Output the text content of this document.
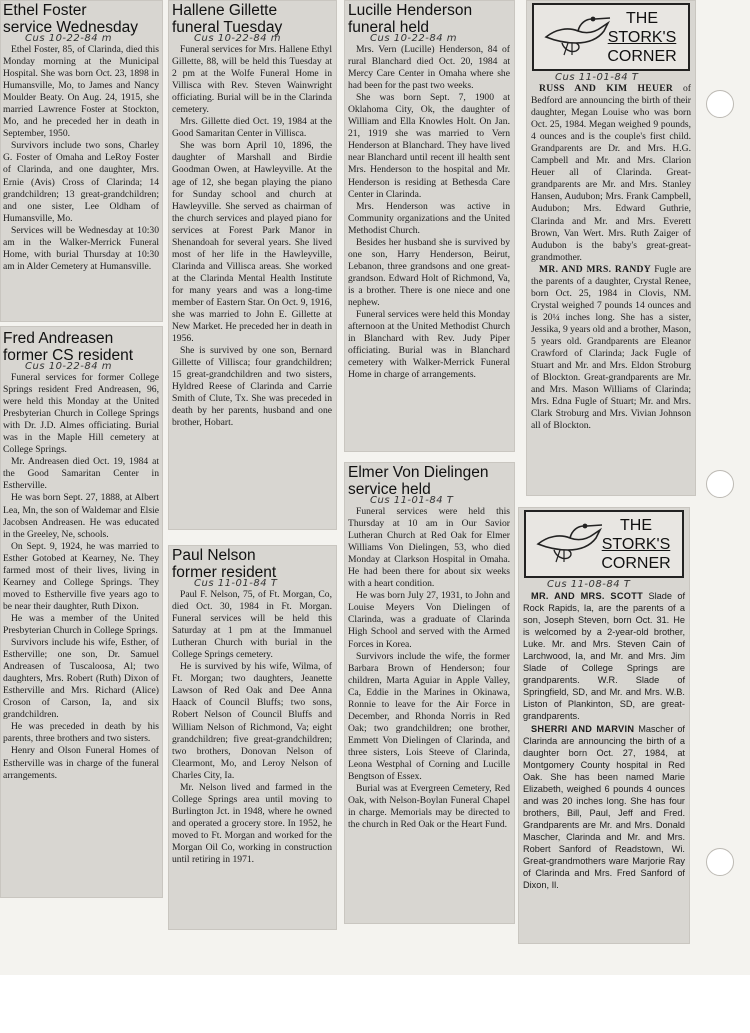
Ethel Foster
service Wednesday
Cus 10-22-84 m

Ethel Foster, 85, of Clarinda, died this Monday morning at the Municipal Hospital. She was born Oct. 23, 1898 in Humansville, Mo, to James and Nancy Moulder Beaty. On Aug. 24, 1915, she married Lawrence Foster at Stockton, Mo, and he preceded her in death in September, 1950.

Survivors include two sons, Charley G. Foster of Omaha and LeRoy Foster of Clarinda, and one daughter, Mrs. Ernie (Avis) Cross of Clarinda; 14 grandchildren; 13 great-grandchildren; and one sister, Lee Oldham of Humansville, Mo.

Services will be Wednesday at 10:30 am in the Walker-Merrick Funeral Home, with burial Thursday at 10:30 am in Alder Cemetery at Humansville.

Fred Andreasen
former CS resident
Cus 10-22-84 m

Funeral services for former College Springs resident Fred Andreasen, 96, were held this Monday at the United Presbyterian Church in College Springs with Dr. J.D. Almes officiating. Burial was in the Maple Hill cemetery at College Springs.

Mr. Andreasen died Oct. 19, 1984 at the Good Samaritan Center in Estherville.

He was born Sept. 27, 1888, at Albert Lea, Mn, the son of Waldemar and Elsie Jacobsen Andreasen. He was educated in the Greeley, Ne, schools.

On Sept. 9, 1924, he was married to Esther Gotobed at Kearney, Ne. They farmed most of their lives, living in Kearney and College Springs. They moved to Estherville five years ago to be near their daughter, Ruth Dixon.

He was a member of the United Presbyterian Church in College Springs.

Survivors include his wife, Esther, of Estherville; one son, Dr. Samuel Andreasen of Tuscaloosa, Al; two daughters, Mrs. Robert (Ruth) Dixon of Estherville and Mrs. Richard (Alice) Croson of Carson, Ia, and six grandchildren.

He was preceded in death by his parents, three brothers and two sisters.

Henry and Olson Funeral Homes of Estherville was in charge of the funeral arrangements.

Hallene Gillette
funeral Tuesday
Cus 10-22-84 m

Funeral services for Mrs. Hallene Ethyl Gillette, 88, will be held this Tuesday at 2 pm at the Wolfe Funeral Home in Villisca with Rev. Steven Wainwright officiating. Burial will be in the Clarinda cemetery.

Mrs. Gillette died Oct. 19, 1984 at the Good Samaritan Center in Villisca.

She was born April 10, 1896, the daughter of Marshall and Birdie Goodman Owen, at Hawleyville. At the age of 12, she began playing the piano for Sunday school and church at Hawleyville. She served as chairman of the church services and played piano for services at Forest Park Manor in Shenandoah for several years. She lived most of her life in the Hawleyville, Clarinda and Villisca areas. She worked at the Clarinda Mental Health Institute for many years and was a long-time member of Eastern Star. On Oct. 9, 1916, she was married to John E. Gillette at New Market. He preceded her in death in 1956.

She is survived by one son, Bernard Gillette of Villisca; four grandchildren; 15 great-grandchildren and two sisters, Hyldred Reese of Clarinda and Carrie Smith of Clute, Tx. She was preceded in death by her parents, husband and one brother, Hobart.

Paul Nelson
former resident
Cus 11-01-84 T

Paul F. Nelson, 75, of Ft. Morgan, Co, died Oct. 30, 1984 in Ft. Morgan. Funeral services will be held this Saturday at 1 pm at the Immanuel Lutheran Church with burial in the College Springs cemetery.

He is survived by his wife, Wilma, of Ft. Morgan; two daughters, Jeanette Lawson of Red Oak and Dee Anna Haack of Council Bluffs; two sons, Robert Nelson of Council Bluffs and William Nelson of Richmond, Va; eight grandchildren; five great-grandchildren; two brothers, Donovan Nelson of Clearmont, Mo, and Leroy Nelson of Charles City, Ia.

Mr. Nelson lived and farmed in the College Springs area until moving to Burlington Jct. in 1948, where he owned and operated a grocery store. In 1952, he moved to Ft. Morgan and worked for the Morgan Oil Co, working in construction until retiring in 1971.

Lucille Henderson
funeral held
Cus 10-22-84 m

Mrs. Vern (Lucille) Henderson, 84 of rural Blanchard died Oct. 20, 1984 at Mercy Care Center in Omaha where she had been for the past two weeks.

She was born Sept. 7, 1900 at Oklahoma City, Ok, the daughter of William and Ella Knowles Holt. On Jan. 21, 1919 she was married to Vern Henderson at Blanchard. They have lived near Blanchard until recent ill health sent Mrs. Henderson to the hospital and Mr. Henderson is residing at Bethesda Care Center in Clarinda.

Mrs. Henderson was active in Community organizations and the United Methodist Church.

Besides her husband she is survived by one son, Harry Henderson, Beirut, Lebanon, three grandsons and one great-grandson. Edward Holt of Richmond, Va, is a brother. There is one niece and one nephew.

Funeral services were held this Monday afternoon at the United Methodist Church in Blanchard with Rev. Judy Piper officiating. Burial was in Blanchard cemetery with Walker-Merrick Funeral Home in charge of arrangements.

Elmer Von Dielingen
service held
Cus 11-01-84 T

Funeral services were held this Thursday at 10 am in Our Savior Lutheran Church at Red Oak for Elmer Williams Von Dielingen, 53, who died Monday at Clarkson Hospital in Omaha. He had been there for about six weeks with a heart condition.

He was born July 27, 1931, to John and Louise Meyers Von Dielingen of Clarinda, was a graduate of Clarinda High School and served with the Armed Forces in Korea.

Survivors include the wife, the former Barbara Brown of Henderson; four children, Marta Aguiar in Apple Valley, Ca, Eddie in the Marines in Okinawa, Ronnie to leave for the Air Force in December, and Rhonda Norris in Red Oak; two grandchildren; one brother, Emmett Von Dielingen of Clarinda, and three sisters, Lois Steeve of Clarinda, Leona Westphal of Corning and Lucille Bengtson of Essex.

Burial was at Evergreen Cemetery, Red Oak, with Nelson-Boylan Funeral Chapel in charge. Memorials may be directed to the church in Red Oak or the Heart Fund.

THE
STORK'S
CORNER
Cus 11-01-84 T

RUSS AND KIM HEUER of Bedford are announcing the birth of their daughter, Megan Louise who was born Oct. 25, 1984. Megan weighed 9 pounds, 4 ounces and is the couple's first child. Grandparents are Dr. and Mrs. H.G. Campbell and Mr. and Mrs. Clarion Heuer all of Clarinda. Great-grandparents are Mr. and Mrs. Stanley Hansen, Audubon; Mrs. Frank Campbell, Audubon; Mrs. Edward Guthrie, Clarinda and Mr. and Mrs. Everett Brown, Van Wert. Mrs. Ruth Zaiger of Audubon is the baby's great-great-grandmother.

MR. AND MRS. RANDY Fugle are the parents of a daughter, Crystal Renee, born Oct. 25, 1984 in Clovis, NM. Crystal weighed 7 pounds 14 ounces and is 20¼ inches long. She has a sister, Jessika, 9 years old and a brother, Mason, 5 years old. Grandparents are Eleanor Crawford of Clarinda; Jack Fugle of Stuart and Mr. and Mrs. Eldon Stroburg of Blockton. Great-grandparents are Mr. and Mrs. Mason Williams of Clarinda; Mrs. Edna Fugle of Stuart; Mr. and Mrs. Clark Stroburg and Mrs. Vivian Johnson all of Blockton.

THE
STORK'S
CORNER
Cus 11-08-84 T

MR. AND MRS. SCOTT Slade of Rock Rapids, Ia, are the parents of a son, Joseph Steven, born Oct. 31. He is welcomed by a 2-year-old brother, Luke. Mr. and Mrs. Steven Cain of Larchwood, Ia, and Mr. and Mrs. Jim Slade of College Springs are grandparents. W.R. Slade of Springfield, SD, and Mr. and Mrs. W.B. Liston of Plankinton, SD, are great-grandparents.

SHERRI AND MARVIN Mascher of Clarinda are announcing the birth of a daughter born Oct. 27, 1984, at Montgomery County hospital in Red Oak. She has been named Marie Elizabeth, weighed 6 pounds 4 ounces and was 20 inches long. She has four brothers, Bill, Paul, Jeff and Fred. Grandparents are Mr. and Mrs. Donald Mascher, Clarinda and Mr. and Mrs. Robert Sanford of Readstown, Wi. Great-grandmothers ware Marjorie Ray of Clarinda and Mrs. Fred Sanford of Dixon, Il.
